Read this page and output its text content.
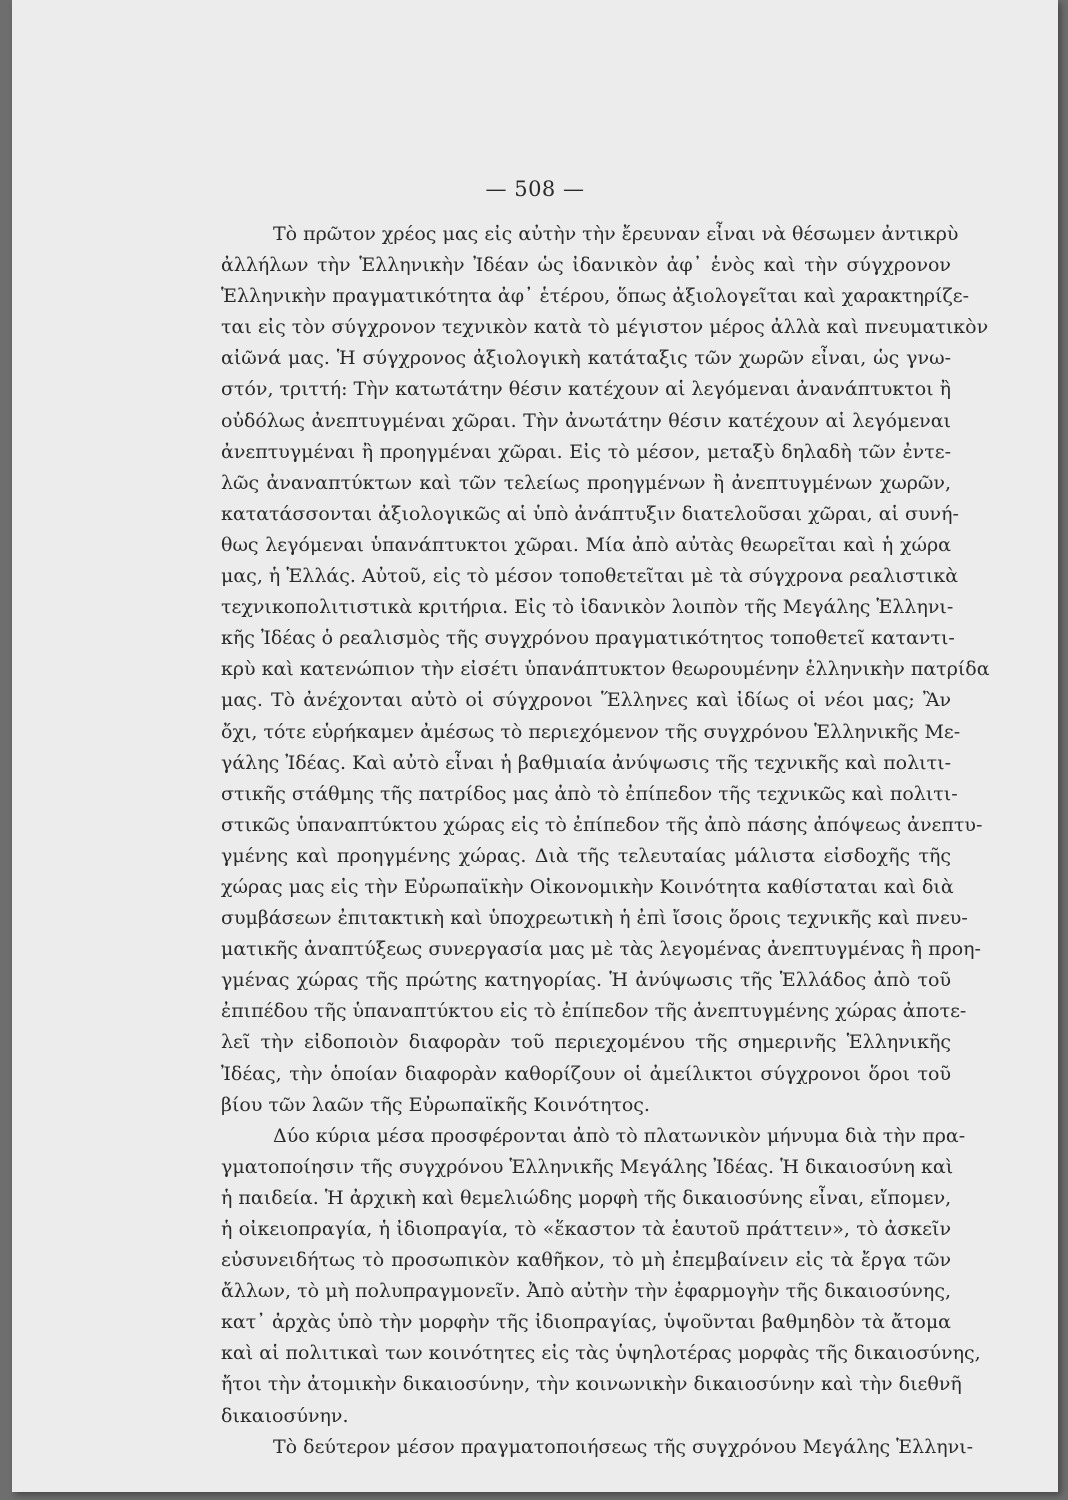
— 508 —
Τὸ πρῶτον χρέος μας εἰς αὐτὴν τὴν ἔρευναν εἶναι νὰ θέσωμεν ἀντικρὺ
ἀλλήλων τὴν Ἑλληνικὴν Ἰδέαν ὡς ἰδανικὸν ἀφ᾿ ἑνὸς καὶ τὴν σύγχρονον
Ἑλληνικὴν πραγματικότητα ἀφ᾿ ἑτέρου, ὅπως ἀξιολογεῖται καὶ χαρακτηρίζε-
ται εἰς τὸν σύγχρονον τεχνικὸν κατὰ τὸ μέγιστον μέρος ἀλλὰ καὶ πνευματικὸν
αἰῶνά μας. Ἡ σύγχρονος ἀξιολογικὴ κατάταξις τῶν χωρῶν εἶναι, ὡς γνω-
στόν, τριττή: Τὴν κατωτάτην θέσιν κατέχουν αἱ λεγόμεναι ἀνανάπτυκτοι ἢ
οὐδόλως ἀνεπτυγμέναι χῶραι. Τὴν ἀνωτάτην θέσιν κατέχουν αἱ λεγόμεναι
ἀνεπτυγμέναι ἢ προηγμέναι χῶραι. Εἰς τὸ μέσον, μεταξὺ δηλαδὴ τῶν ἐντε-
λῶς ἀναναπτύκτων καὶ τῶν τελείως προηγμένων ἢ ἀνεπτυγμένων χωρῶν,
κατατάσσονται ἀξιολογικῶς αἱ ὑπὸ ἀνάπτυξιν διατελοῦσαι χῶραι, αἱ συνή-
θως λεγόμεναι ὑπανάπτυκτοι χῶραι. Μία ἀπὸ αὐτὰς θεωρεῖται καὶ ἡ χώρα
μας, ἡ Ἑλλάς. Αὐτοῦ, εἰς τὸ μέσον τοποθετεῖται μὲ τὰ σύγχρονα ρεαλιστικὰ
τεχνικοπολιτιστικὰ κριτήρια. Εἰς τὸ ἰδανικὸν λοιπὸν τῆς Μεγάλης Ἑλληνι-
κῆς Ἰδέας ὁ ρεαλισμὸς τῆς συγχρόνου πραγματικότητος τοποθετεῖ καταντι-
κρὺ καὶ κατενώπιον τὴν εἰσέτι ὑπανάπτυκτον θεωρουμένην ἑλληνικὴν πατρίδα
μας. Τὸ ἀνέχονται αὐτὸ οἱ σύγχρονοι Ἕλληνες καὶ ἰδίως οἱ νέοι μας; Ἂν
ὄχι, τότε εὑρήκαμεν ἀμέσως τὸ περιεχόμενον τῆς συγχρόνου Ἑλληνικῆς Με-
γάλης Ἰδέας. Καὶ αὐτὸ εἶναι ἡ βαθμιαία ἀνύψωσις τῆς τεχνικῆς καὶ πολιτι-
στικῆς στάθμης τῆς πατρίδος μας ἀπὸ τὸ ἐπίπεδον τῆς τεχνικῶς καὶ πολιτι-
στικῶς ὑπαναπτύκτου χώρας εἰς τὸ ἐπίπεδον τῆς ἀπὸ πάσης ἀπόψεως ἀνεπτυ-
γμένης καὶ προηγμένης χώρας. Διὰ τῆς τελευταίας μάλιστα εἰσδοχῆς τῆς
χώρας μας εἰς τὴν Εὐρωπαϊκὴν Οἰκονομικὴν Κοινότητα καθίσταται καὶ διὰ
συμβάσεων ἐπιτακτικὴ καὶ ὑποχρεωτικὴ ἡ ἐπὶ ἴσοις ὅροις τεχνικῆς καὶ πνευ-
ματικῆς ἀναπτύξεως συνεργασία μας μὲ τὰς λεγομένας ἀνεπτυγμένας ἢ προη-
γμένας χώρας τῆς πρώτης κατηγορίας. Ἡ ἀνύψωσις τῆς Ἑλλάδος ἀπὸ τοῦ
ἐπιπέδου τῆς ὑπαναπτύκτου εἰς τὸ ἐπίπεδον τῆς ἀνεπτυγμένης χώρας ἀποτε-
λεῖ τὴν εἰδοποιὸν διαφορὰν τοῦ περιεχομένου τῆς σημερινῆς Ἑλληνικῆς
Ἰδέας, τὴν ὁποίαν διαφορὰν καθορίζουν οἱ ἀμείλικτοι σύγχρονοι ὅροι τοῦ
βίου τῶν λαῶν τῆς Εὐρωπαϊκῆς Κοινότητος.
Δύο κύρια μέσα προσφέρονται ἀπὸ τὸ πλατωνικὸν μήνυμα διὰ τὴν πρα-
γματοποίησιν τῆς συγχρόνου Ἑλληνικῆς Μεγάλης Ἰδέας. Ἡ δικαιοσύνη καὶ
ἡ παιδεία. Ἡ ἀρχικὴ καὶ θεμελιώδης μορφὴ τῆς δικαιοσύνης εἶναι, εἴπομεν,
ἡ οἰκειοπραγία, ἡ ἰδιοπραγία, τὸ «ἕκαστον τὰ ἑαυτοῦ πράττειν», τὸ ἀσκεῖν
εὐσυνειδήτως τὸ προσωπικὸν καθῆκον, τὸ μὴ ἐπεμβαίνειν εἰς τὰ ἔργα τῶν
ἄλλων, τὸ μὴ πολυπραγμονεῖν. Ἀπὸ αὐτὴν τὴν ἐφαρμογὴν τῆς δικαιοσύνης,
κατ᾿ ἀρχὰς ὑπὸ τὴν μορφὴν τῆς ἰδιοπραγίας, ὑψοῦνται βαθμηδὸν τὰ ἄτομα
καὶ αἱ πολιτικαὶ των κοινότητες εἰς τὰς ὑψηλοτέρας μορφὰς τῆς δικαιοσύνης,
ἤτοι τὴν ἀτομικὴν δικαιοσύνην, τὴν κοινωνικὴν δικαιοσύνην καὶ τὴν διεθνῆ
δικαιοσύνην.
Τὸ δεύτερον μέσον πραγματοποιήσεως τῆς συγχρόνου Μεγάλης Ἑλληνι-
